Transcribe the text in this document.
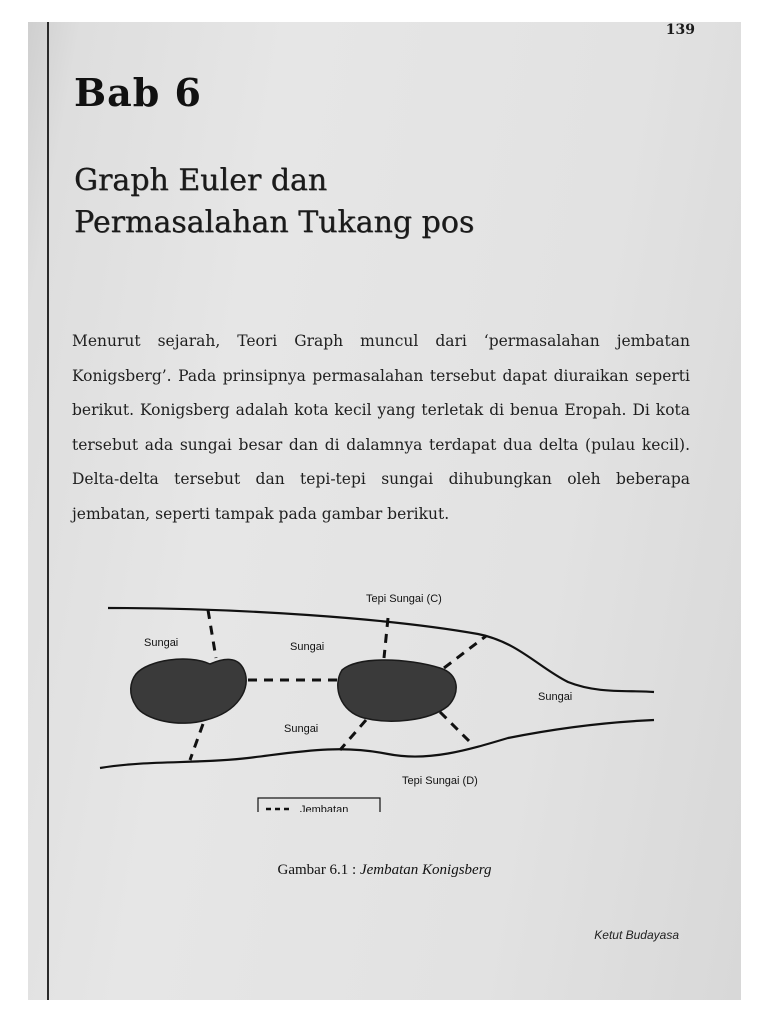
139
Bab 6
Graph Euler dan
Permasalahan Tukang pos
Menurut sejarah, Teori Graph muncul dari ‘permasalahan jembatan Konigsberg’. Pada prinsipnya permasalahan tersebut dapat diuraikan seperti berikut. Konigsberg adalah kota kecil yang terletak di benua Eropah. Di kota tersebut ada sungai besar dan di dalamnya terdapat dua delta (pulau kecil). Delta-delta tersebut dan tepi-tepi sungai dihubungkan oleh beberapa jembatan, seperti tampak pada gambar berikut.
Tepi Sungai (C)
Sungai	Sungai
Sungai
Sungai
Tepi Sungai (D)
Jembatan
Gambar 6.1 : Jembatan Konigsberg
Ketut Budayasa
